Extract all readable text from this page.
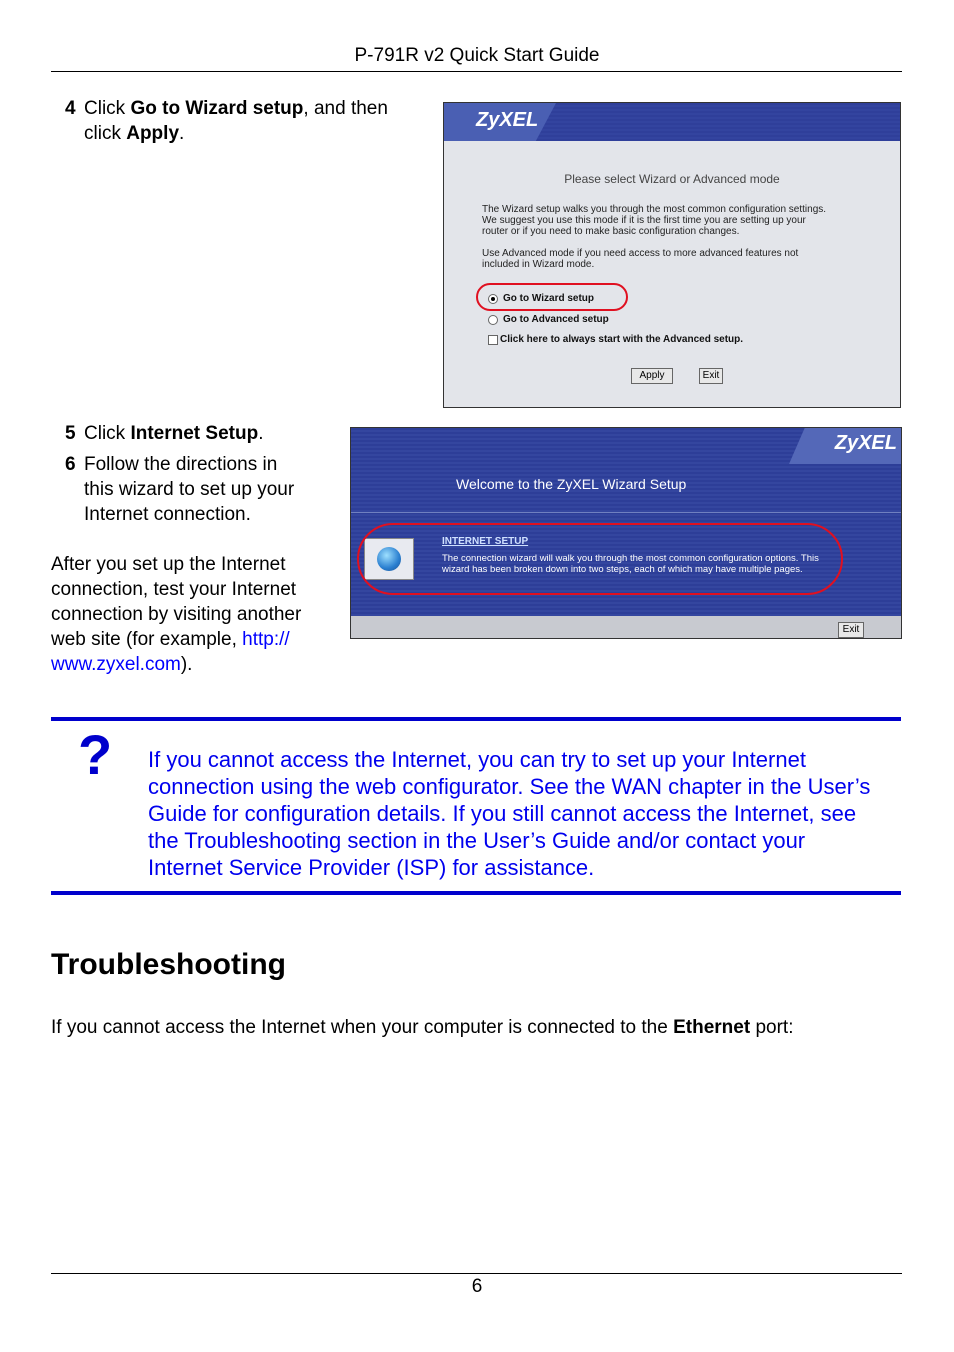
P-791R v2 Quick Start Guide
4 Click Go to Wizard setup, and then
click Apply.
ZyXEL
Please select Wizard or Advanced mode
The Wizard setup walks you through the most common configuration settings.
We suggest you use this mode if it is the first time you are setting up your
router or if you need to make basic configuration changes.
Use Advanced mode if you need access to more advanced features not
included in Wizard mode.
Go to Wizard setup
Go to Advanced setup
Click here to always start with the Advanced setup.
Apply	Exit
5 Click Internet Setup.
6 Follow the directions in
this wizard to set up your
Internet connection.
After you set up the Internet
connection, test your Internet
connection by visiting another
web site (for example, http://
www.zyxel.com).
ZyXEL
Welcome to the ZyXEL Wizard Setup
INTERNET SETUP
The connection wizard will walk you through the most common configuration options. This wizard has been broken down into two steps, each of which may have multiple pages.
Exit
? If you cannot access the Internet, you can try to set up your Internet
connection using the web configurator. See the WAN chapter in the User’s
Guide for configuration details. If you still cannot access the Internet, see
the Troubleshooting section in the User’s Guide and/or contact your
Internet Service Provider (ISP) for assistance.
Troubleshooting
If you cannot access the Internet when your computer is connected to the Ethernet port:
6
